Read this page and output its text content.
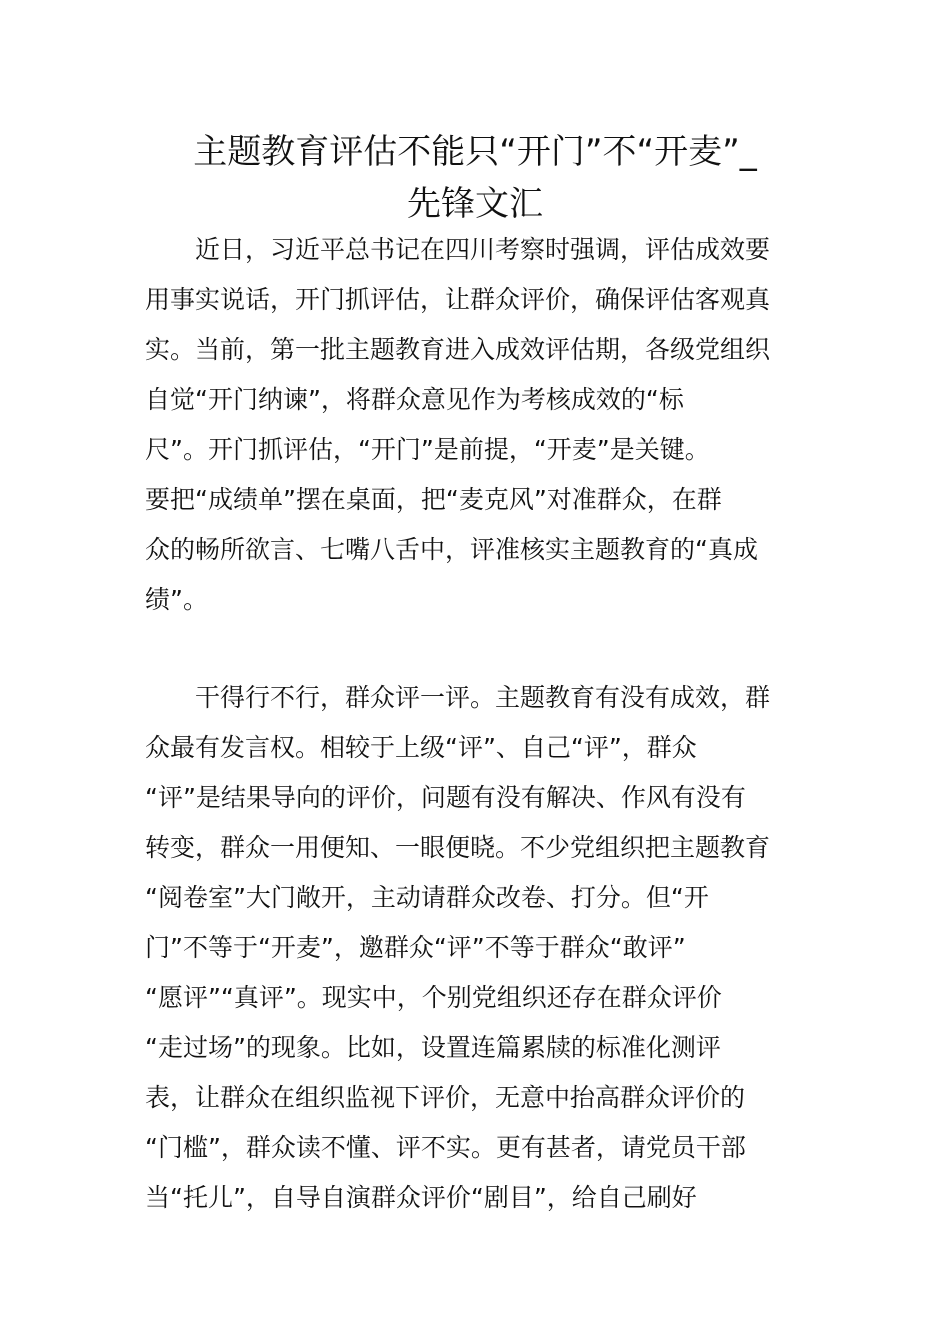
主题教育评估不能只“开门”不“开麦”_
先锋文汇

近日，习近平总书记在四川考察时强调，评估成效要

用事实说话，开门抓评估，让群众评价，确保评估客观真

实。当前，第一批主题教育进入成效评估期，各级党组织

自觉“开门纳谏”，将群众意见作为考核成效的“标

尺”。开门抓评估，“开门”是前提，“开麦”是关键。

要把“成绩单”摆在桌面，把“麦克风”对准群众，在群

众的畅所欲言、七嘴八舌中，评准核实主题教育的“真成

绩”。

干得行不行，群众评一评。主题教育有没有成效，群

众最有发言权。相较于上级“评”、自己“评”，群众

“评”是结果导向的评价，问题有没有解决、作风有没有

转变，群众一用便知、一眼便晓。不少党组织把主题教育

“阅卷室”大门敞开，主动请群众改卷、打分。但“开

门”不等于“开麦”，邀群众“评”不等于群众“敢评”

“愿评”“真评”。现实中，个别党组织还存在群众评价

“走过场”的现象。比如，设置连篇累牍的标准化测评

表，让群众在组织监视下评价，无意中抬高群众评价的

“门槛”，群众读不懂、评不实。更有甚者，请党员干部

当“托儿”，自导自演群众评价“剧目”，给自己刷好
